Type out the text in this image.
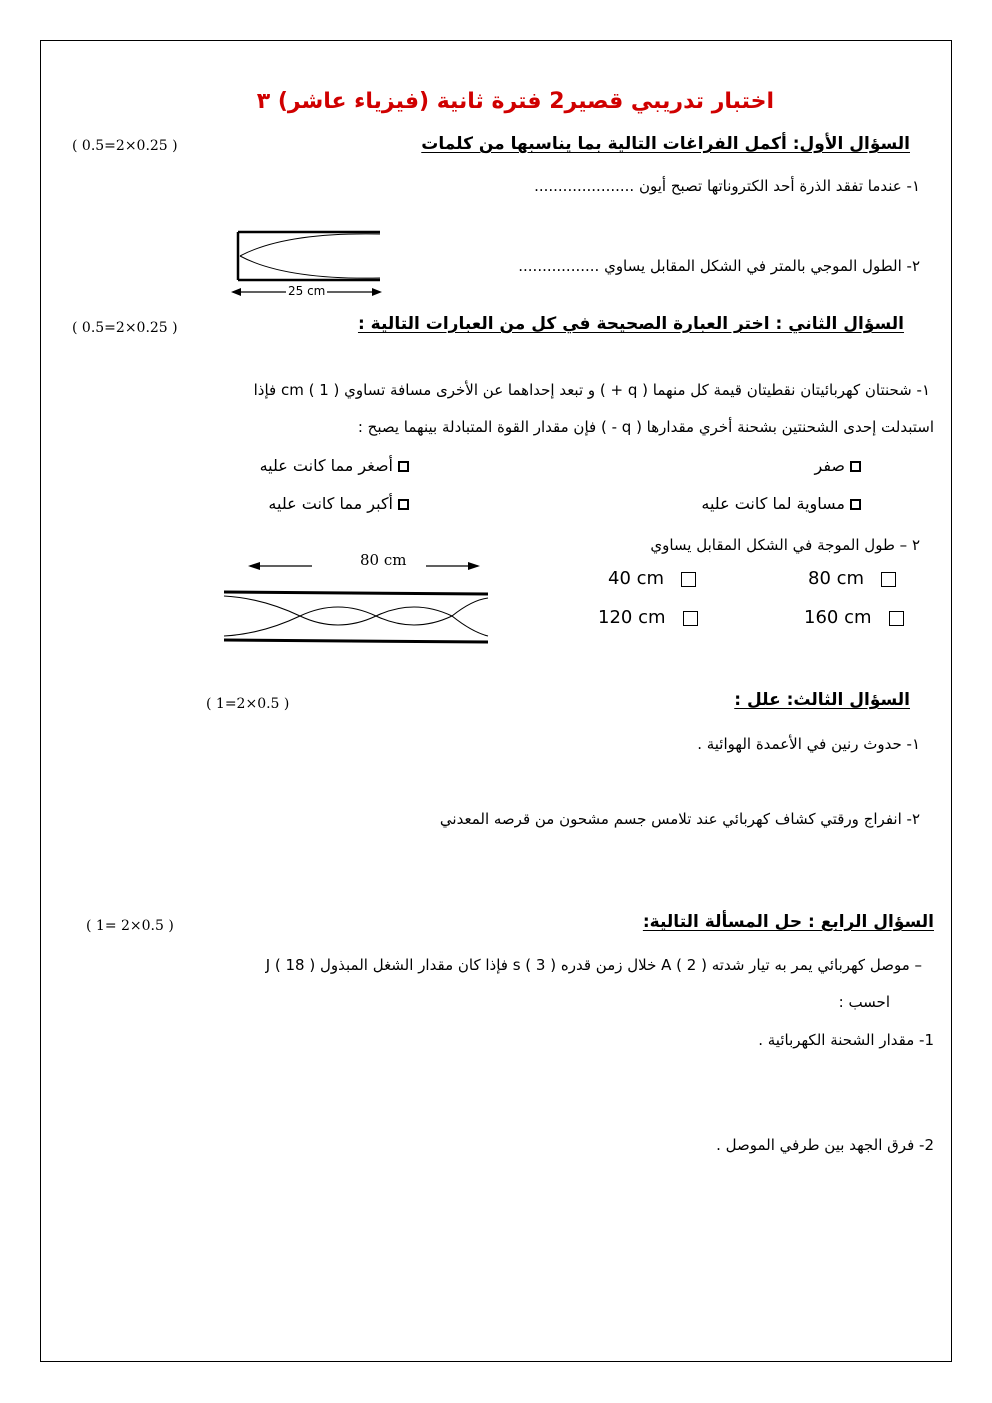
اختبار تدريبي قصير2 فترة ثانية (فيزياء عاشر) ٣
السؤال الأول: أكمل الفراغات التالية بما يناسبها من كلمات
( 0.5=2×0.25 )
١- عندما تفقد الذرة أحد الكتروناتها تصبح أيون .....................
٢- الطول الموجي بالمتر في الشكل المقابل يساوي .................
25 cm
السؤال الثاني : اختر العبارة الصحيحة في كل من العبارات التالية :
( 0.5=2×0.25 )
١- شحنتان كهربائيتان نقطيتان قيمة كل منهما ( q + ) و تبعد إحداهما عن الأخرى مسافة تساوي cm ( 1 ) فإذا
استبدلت إحدى الشحنتين بشحنة أخري مقدارها ( q - ) فإن مقدار القوة المتبادلة بينهما يصبح :
صفر
أصغر مما كانت عليه
مساوية لما كانت عليه
أكبر مما كانت عليه
٢ – طول الموجة في الشكل المقابل يساوي
80 cm
80 cm
40 cm
160 cm
120 cm
السؤال الثالث: علل :
( 1=2×0.5 )
١- حدوث رنين في الأعمدة الهوائية .
٢- انفراج ورقتي كشاف كهربائي عند تلامس جسم مشحون من قرصه المعدني
السؤال الرابع : حل المسألة التالية:
( 1= 2×0.5 )
– موصل كهربائي يمر به تيار شدته A ( 2 ) خلال زمن قدره s ( 3 ) فإذا كان مقدار الشغل المبذول J ( 18 )
احسب :
1- مقدار الشحنة الكهربائية .
2- فرق الجهد بين طرفي الموصل .
